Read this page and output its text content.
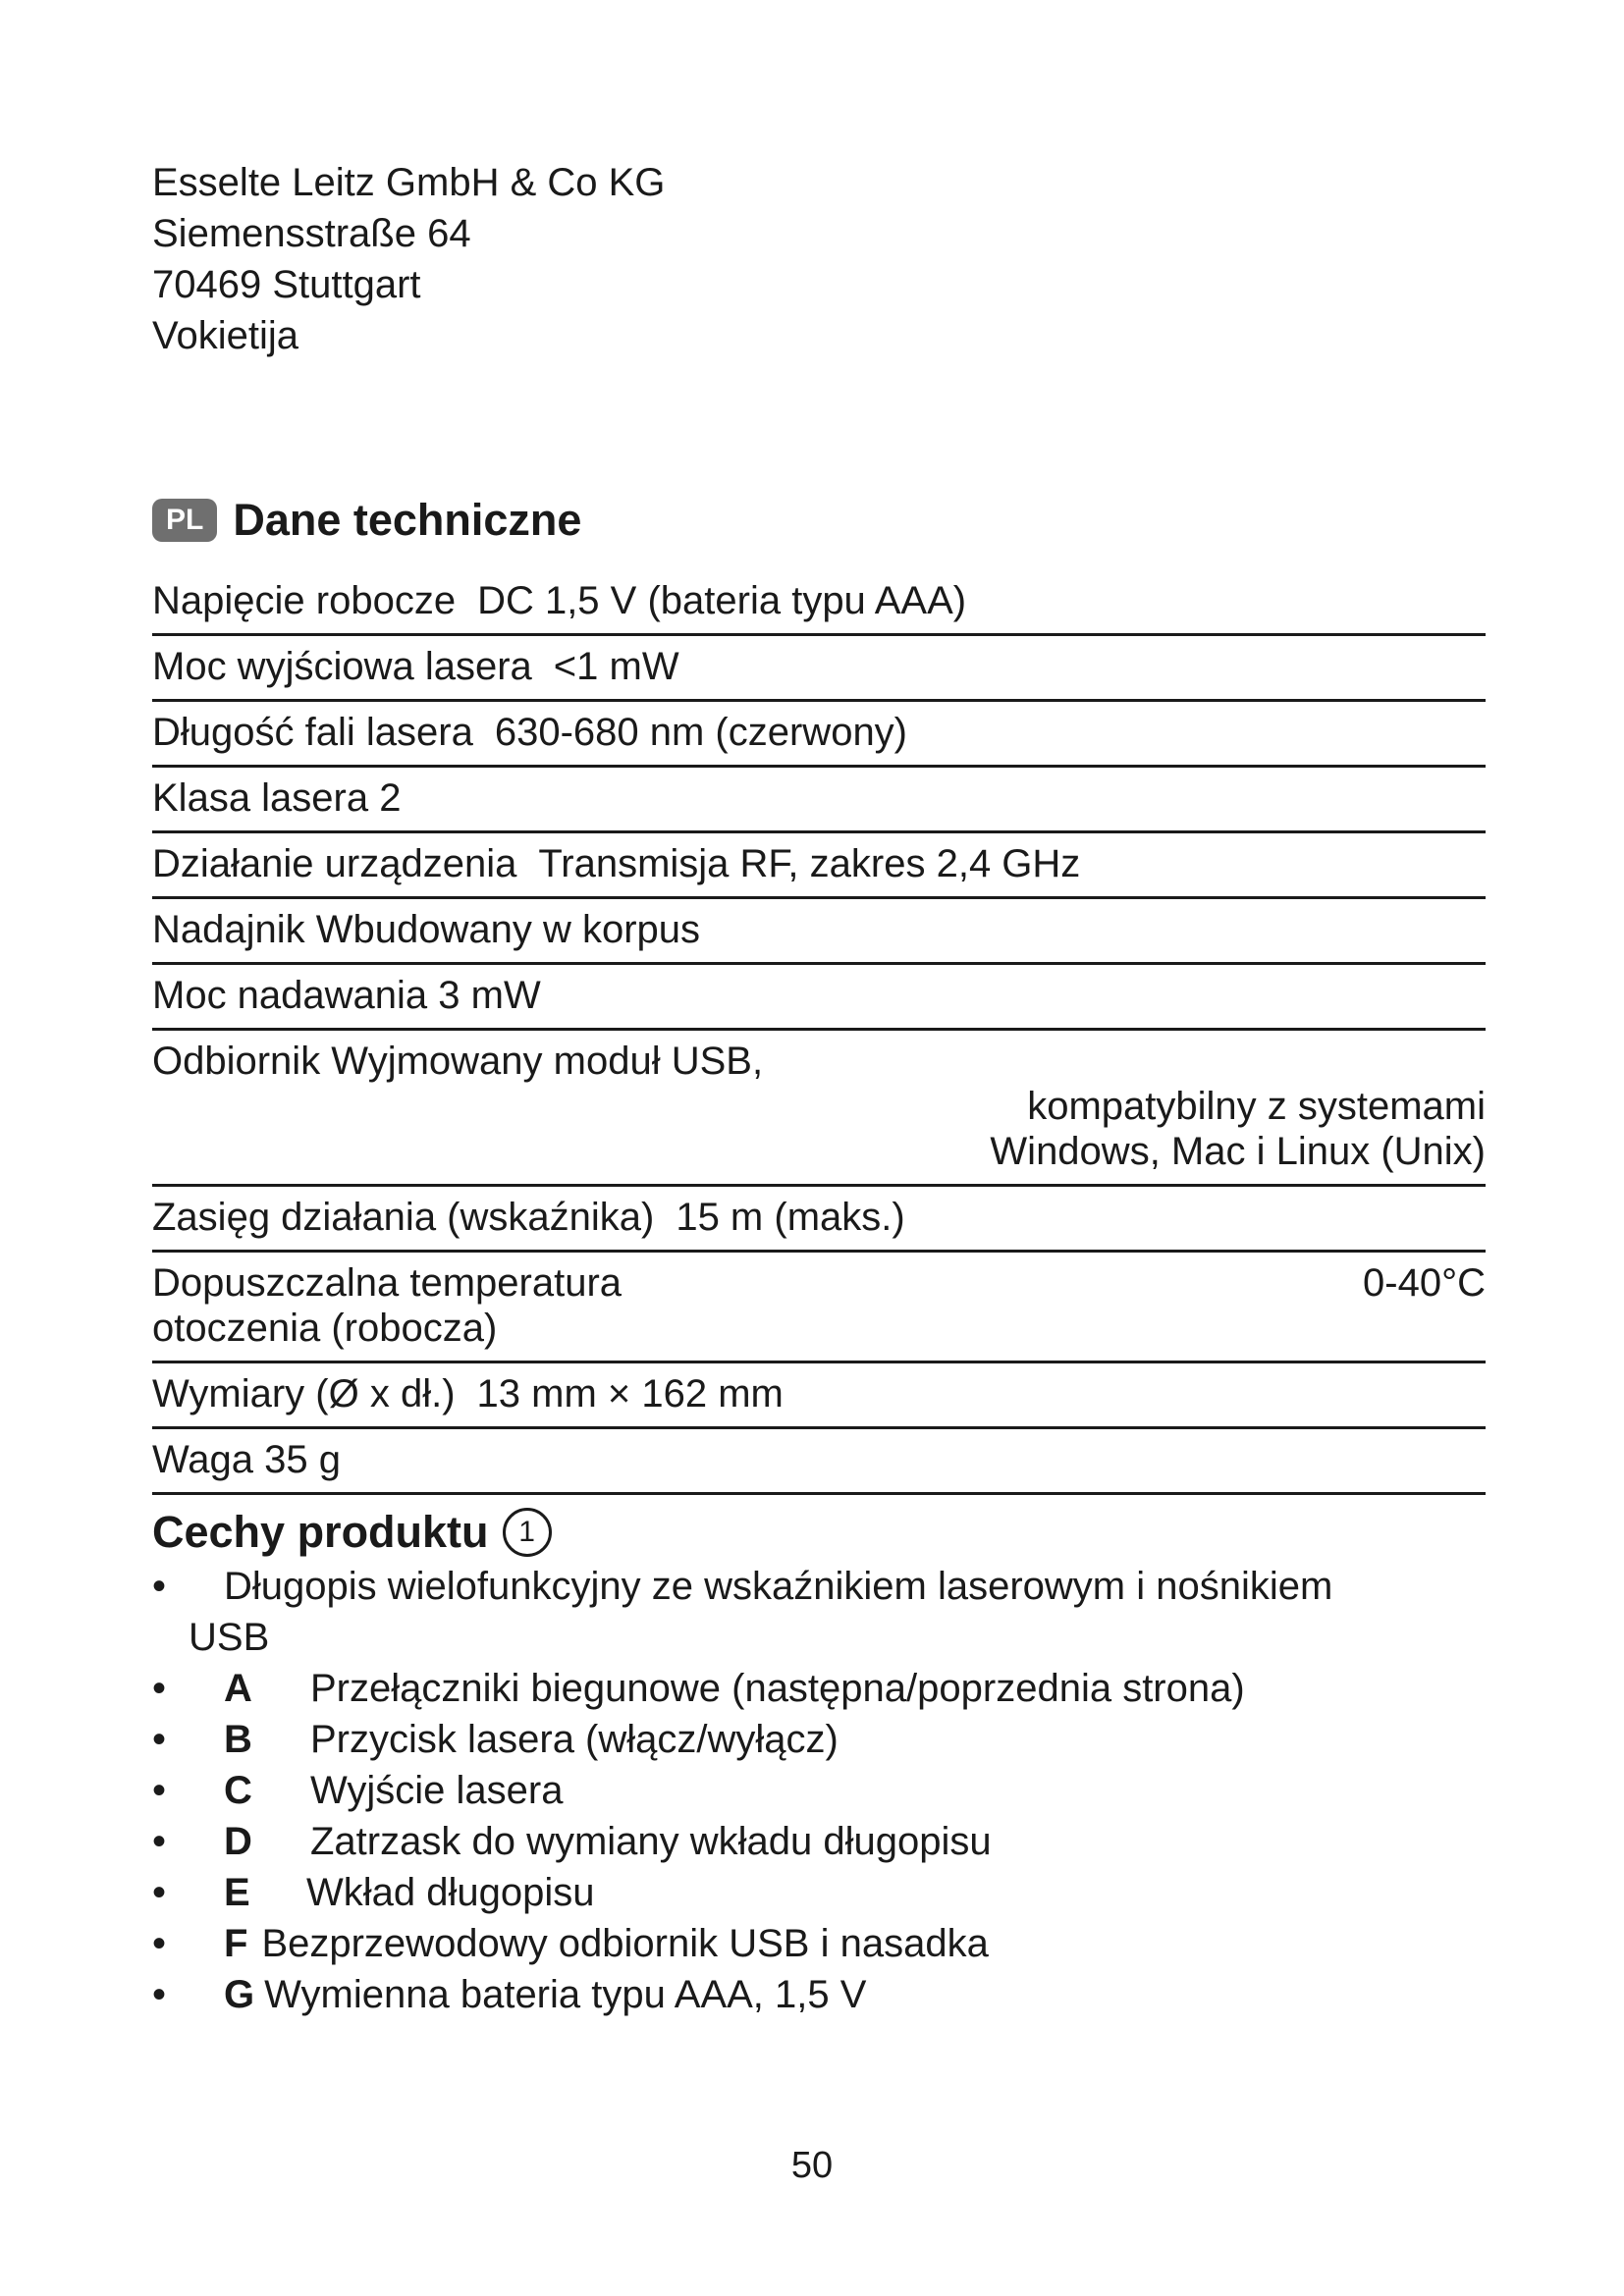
Esselte Leitz GmbH & Co KG
Siemensstraße 64
70469 Stuttgart
Vokietija
PL Dane techniczne
Napięcie robocze DC 1,5 V (bateria typu AAA)
Moc wyjściowa lasera <1 mW
Długość fali lasera 630-680 nm (czerwony)
Klasa lasera 2
Działanie urządzenia Transmisja RF, zakres 2,4 GHz
Nadajnik Wbudowany w korpus
Moc nadawania 3 mW
Odbiornik Wyjmowany moduł USB,
kompatybilny z systemami
Windows, Mac i Linux (Unix)
Zasięg działania (wskaźnika) 15 m (maks.)
Dopuszczalna temperatura
otoczenia (robocza)
0-40°C
Wymiary (Ø x dł.) 13 mm × 162 mm
Waga 35 g
Cechy produktu	1
• Długopis wielofunkcyjny ze wskaźnikiem laserowym i nośnikiem
USB
• A Przełączniki biegunowe (następna/poprzednia strona)
• B Przycisk lasera (włącz/wyłącz)
• C Wyjście lasera
• D Zatrzask do wymiany wkładu długopisu
• E Wkład długopisu
• F Bezprzewodowy odbiornik USB i nasadka
• G Wymienna bateria typu AAA, 1,5 V
50
